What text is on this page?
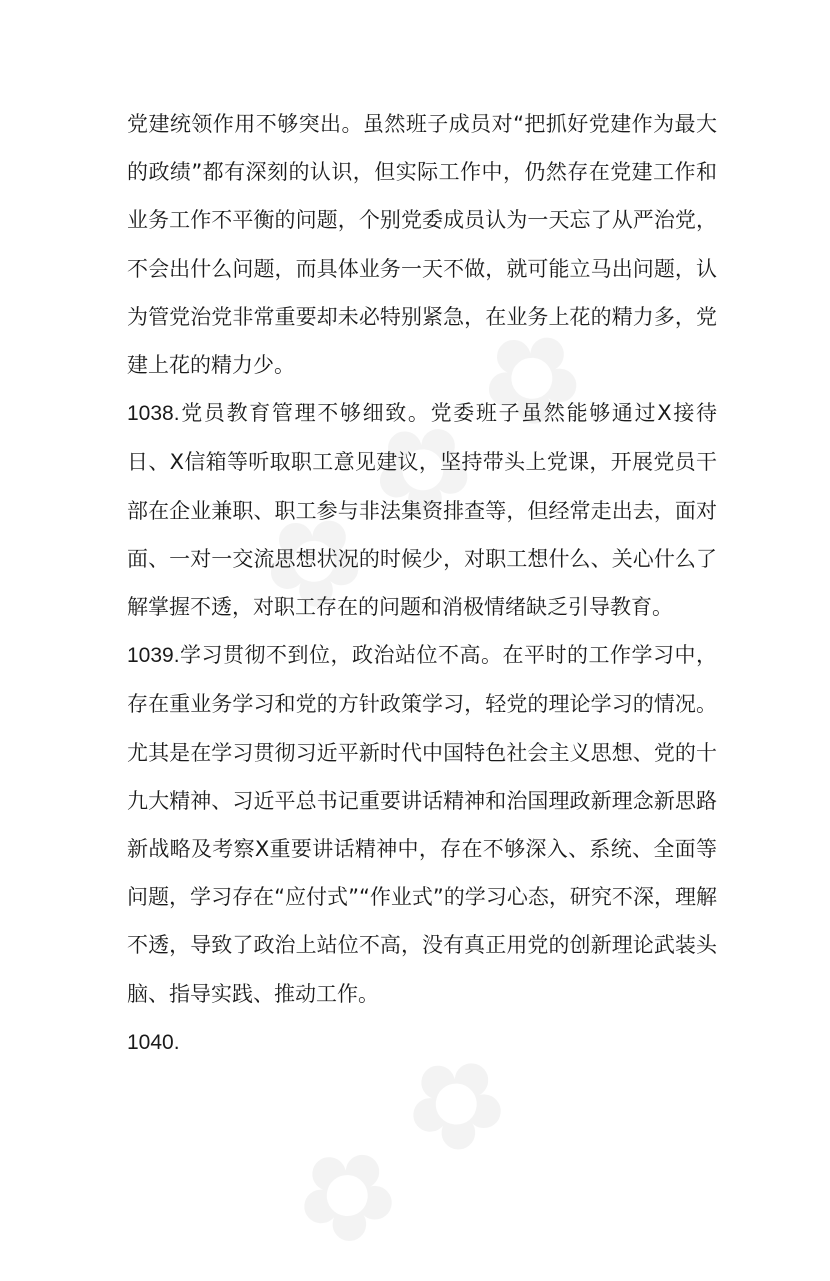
党建统领作用不够突出。虽然班子成员对“把抓好党建作为最大的政绩”都有深刻的认识，但实际工作中，仍然存在党建工作和业务工作不平衡的问题，个别党委成员认为一天忘了从严治党，不会出什么问题，而具体业务一天不做，就可能立马出问题，认为管党治党非常重要却未必特别紧急，在业务上花的精力多，党建上花的精力少。

1038.党员教育管理不够细致。党委班子虽然能够通过X接待日、X信箱等听取职工意见建议，坚持带头上党课，开展党员干部在企业兼职、职工参与非法集资排查等，但经常走出去，面对面、一对一交流思想状况的时候少，对职工想什么、关心什么了解掌握不透，对职工存在的问题和消极情绪缺乏引导教育。

1039.学习贯彻不到位，政治站位不高。在平时的工作学习中，存在重业务学习和党的方针政策学习，轻党的理论学习的情况。尤其是在学习贯彻习近平新时代中国特色社会主义思想、党的十九大精神、习近平总书记重要讲话精神和治国理政新理念新思路新战略及考察X重要讲话精神中，存在不够深入、系统、全面等问题，学习存在“应付式”“作业式”的学习心态，研究不深，理解不透，导致了政治上站位不高，没有真正用党的创新理论武装头脑、指导实践、推动工作。

1040.
